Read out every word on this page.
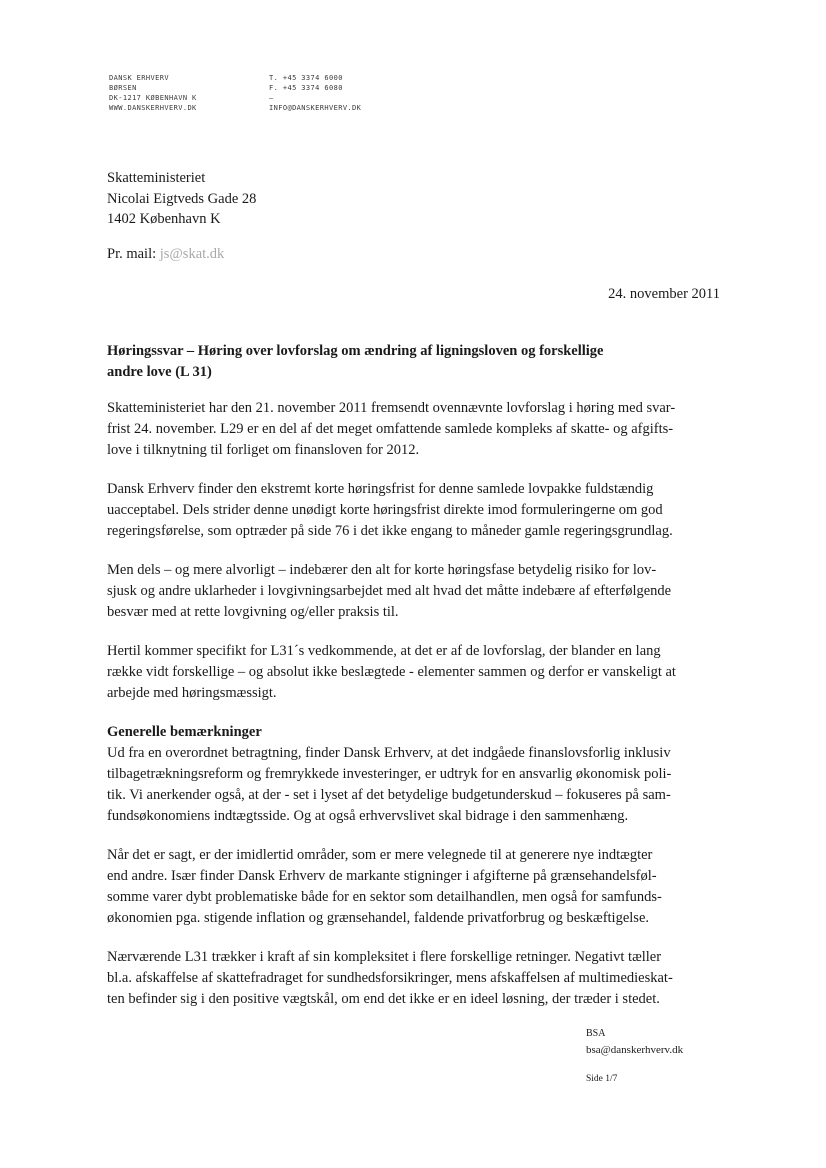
DANSK ERHVERV
BØRSEN
DK-1217 KØBENHAVN K
WWW.DANSKERHVERV.DK
T. +45 3374 6000
F. +45 3374 6080
–
INFO@DANSKERHVERV.DK
Skatteministeriet
Nicolai Eigtveds Gade 28
1402 København K
Pr. mail: js@skat.dk
24. november 2011
Høringssvar – Høring over lovforslag om ændring af ligningsloven og forskellige
andre love (L 31)

Skatteministeriet har den 21. november 2011 fremsendt ovennævnte lovforslag i høring med svar-
frist 24. november. L29 er en del af det meget omfattende samlede kompleks af skatte- og afgifts-
love i tilknytning til forliget om finansloven for 2012.

Dansk Erhverv finder den ekstremt korte høringsfrist for denne samlede lovpakke fuldstændig
uacceptabel. Dels strider denne unødigt korte høringsfrist direkte imod formuleringerne om god
regeringsførelse, som optræder på side 76 i det ikke engang to måneder gamle regeringsgrundlag.

Men dels – og mere alvorligt – indebærer den alt for korte høringsfase betydelig risiko for lov-
sjusk og andre uklarheder i lovgivningsarbejdet med alt hvad det måtte indebære af efterfølgende
besvær med at rette lovgivning og/eller praksis til.

Hertil kommer specifikt for L31´s vedkommende, at det er af de lovforslag, der blander en lang
række vidt forskellige – og absolut ikke beslægtede - elementer sammen og derfor er vanskeligt at
arbejde med høringsmæssigt.

Generelle bemærkninger
Ud fra en overordnet betragtning, finder Dansk Erhverv, at det indgåede finanslovsforlig inklusiv
tilbagetrækningsreform og fremrykkede investeringer, er udtryk for en ansvarlig økonomisk poli-
tik. Vi anerkender også, at der - set i lyset af det betydelige budgetunderskud – fokuseres på sam-
fundsøkonomiens indtægtsside. Og at også erhvervslivet skal bidrage i den sammenhæng.

Når det er sagt, er der imidlertid områder, som er mere velegnede til at generere nye indtægter
end andre. Især finder Dansk Erhverv de markante stigninger i afgifterne på grænsehandelsføl-
somme varer dybt problematiske både for en sektor som detailhandlen, men også for samfunds-
økonomien pga. stigende inflation og grænsehandel, faldende privatforbrug og beskæftigelse.

Nærværende L31 trækker i kraft af sin kompleksitet i flere forskellige retninger. Negativt tæller
bl.a. afskaffelse af skattefradraget for sundhedsforsikringer, mens afskaffelsen af multimedieskat-
ten befinder sig i den positive vægtskål, om end det ikke er en ideel løsning, der træder i stedet.

BSA
bsa@danskerhverv.dk
Side 1/7
